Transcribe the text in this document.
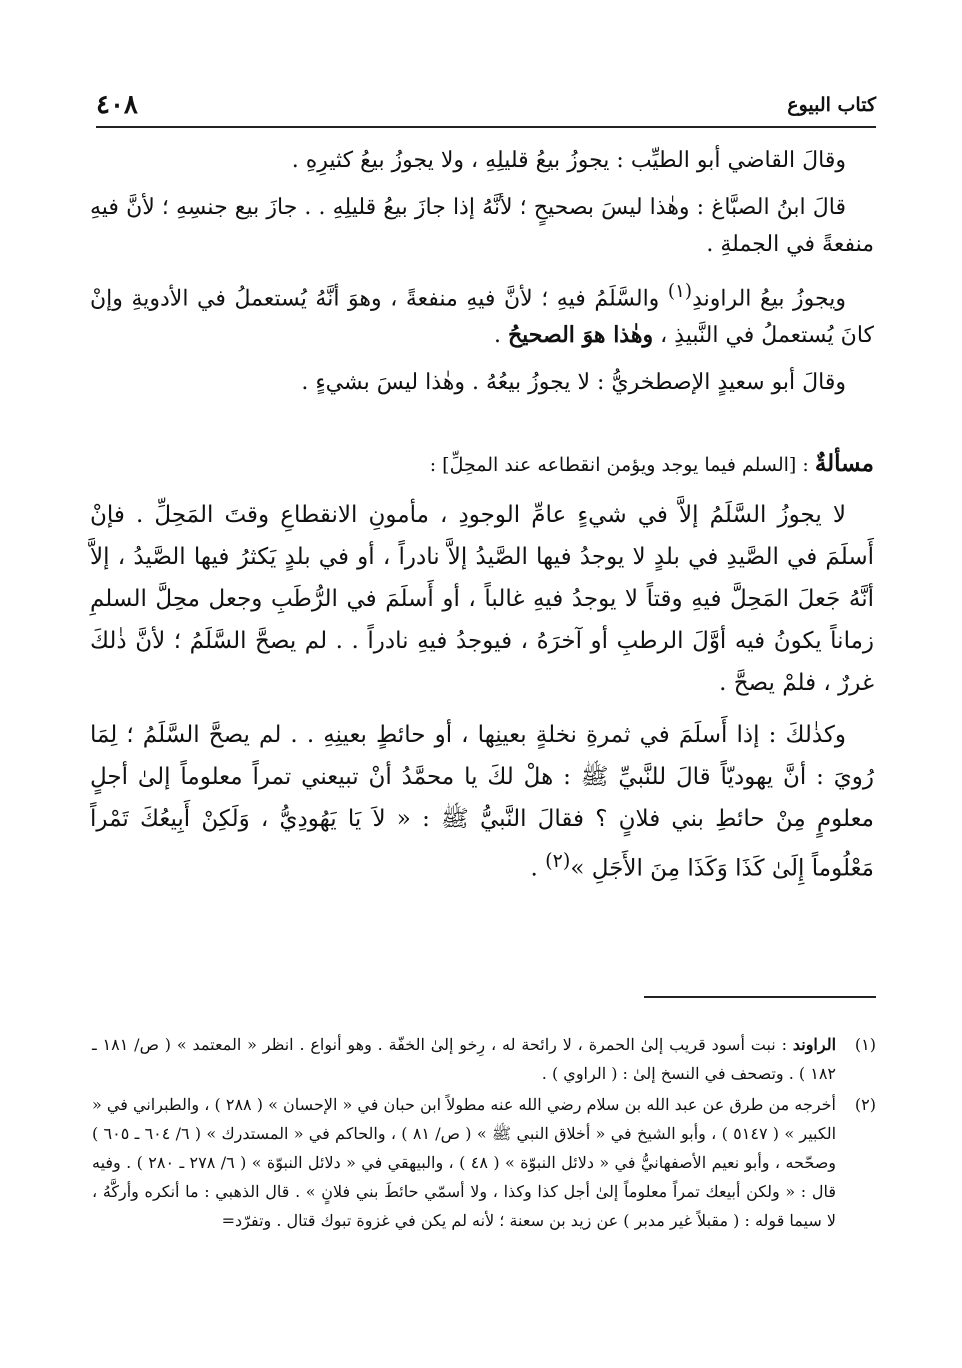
٤٠٨	كتاب البيوع

وقالَ القاضي أبو الطيِّب : يجوزُ بيعُ قليلِهِ ، ولا يجوزُ بيعُ كثيرِهِ .

قالَ ابنُ الصبَّاغ : وهٰذا ليسَ بصحيحٍ ؛ لأنَّهُ إذا جازَ بيعُ قليلِهِ . . جازَ بيع جنسِهِ ؛ لأنَّ فيهِ منفعةً في الجملةِ .

ويجوزُ بيعُ الراوندِ$^{(١)}$ والسَّلَمُ فيهِ ؛ لأنَّ فيهِ منفعةً ، وهوَ أنَّهُ يُستعملُ في الأدويةِ وإنْ كانَ يُستعملُ في النَّبيذِ ، وهٰذا هوَ الصحيحُ .

وقالَ أبو سعيدٍ الإصطخريُّ : لا يجوزُ بيعُهُ . وهٰذا ليسَ بشيءٍ .

مسألةٌ : [السلم فيما يوجد ويؤمن انقطاعه عند المحِلِّ] :

لا يجوزُ السَّلَمُ إلاَّ في شيءٍ عامِّ الوجودِ ، مأمونِ الانقطاعِ وقتَ المَحِلِّ . فإنْ أَسلَمَ في الصَّيدِ في بلدٍ لا يوجدُ فيها الصَّيدُ إلاَّ نادراً ، أو في بلدٍ يَكثرُ فيها الصَّيدُ ، إلاَّ أنَّهُ جَعلَ المَحِلَّ فيهِ وقتاً لا يوجدُ فيهِ غالباً ، أو أَسلَمَ في الرُّطَبِ وجعل محِلَّ السلمِ زماناً يكونُ فيه أوَّلَ الرطبِ أو آخرَهُ ، فيوجدُ فيهِ نادراً . . لم يصحَّ السَّلَمُ ؛ لأنَّ ذٰلكَ غررٌ ، فلمْ يصحَّ .

وكذٰلكَ : إذا أَسلَمَ في ثمرةِ نخلةٍ بعينِها ، أو حائطٍ بعينِهِ . . لم يصحَّ السَّلَمُ ؛ لِمَا رُويَ : أنَّ يهوديّاً قالَ للنَّبيِّ ﷺ : هلْ لكَ يا محمَّدُ أنْ تبيعني تمراً معلوماً إلىٰ أجلٍ معلومٍ مِنْ حائطِ بني فلانٍ ؟ فقالَ النَّبيُّ ﷺ : « لاَ يَا يَهُودِيُّ ، وَلَكِنْ أَبِيعُكَ تَمْراً مَعْلُوماً إِلَىٰ كَذَا وَكَذَا مِنَ الأَجَلِ »$^{(٢)}$ .

(١)
الراوند : نبت أسود قريب إلىٰ الحمرة ، لا رائحة له ، رِخو إلىٰ الخفّة . وهو أنواع . انظر « المعتمد » ( ص/ ١٨١ ـ ١٨٢ ) . وتصحف في النسخ إلىٰ : ( الراوي ) .
(٢)
أخرجه من طرق عن عبد الله بن سلام رضي الله عنه مطولاً ابن حبان في « الإحسان » ( ٢٨٨ ) ، والطبراني في « الكبير » ( ٥١٤٧ ) ، وأبو الشيخ في « أخلاق النبي ﷺ » ( ص/ ٨١ ) ، والحاكم في « المستدرك » ( ٦/ ٦٠٤ ـ ٦٠٥ ) وصحّحه ، وأبو نعيم الأصفهانيُّ في « دلائل النبوّة » ( ٤٨ ) ، والبيهقي في « دلائل النبوّة » ( ٦/ ٢٧٨ ـ ٢٨٠ ) . وفيه قال : « ولكن أبيعك تمراً معلوماً إلىٰ أجل كذا وكذا ، ولا أسمّي حائطَ بني فلانٍ » . قال الذهبي : ما أنكره وأركَّهُ ، لا سيما قوله : ( مقبلاً غير مدبر ) عن زيد بن سعنة ؛ لأنه لم يكن في غزوة تبوك قتال . وتفرّد=
